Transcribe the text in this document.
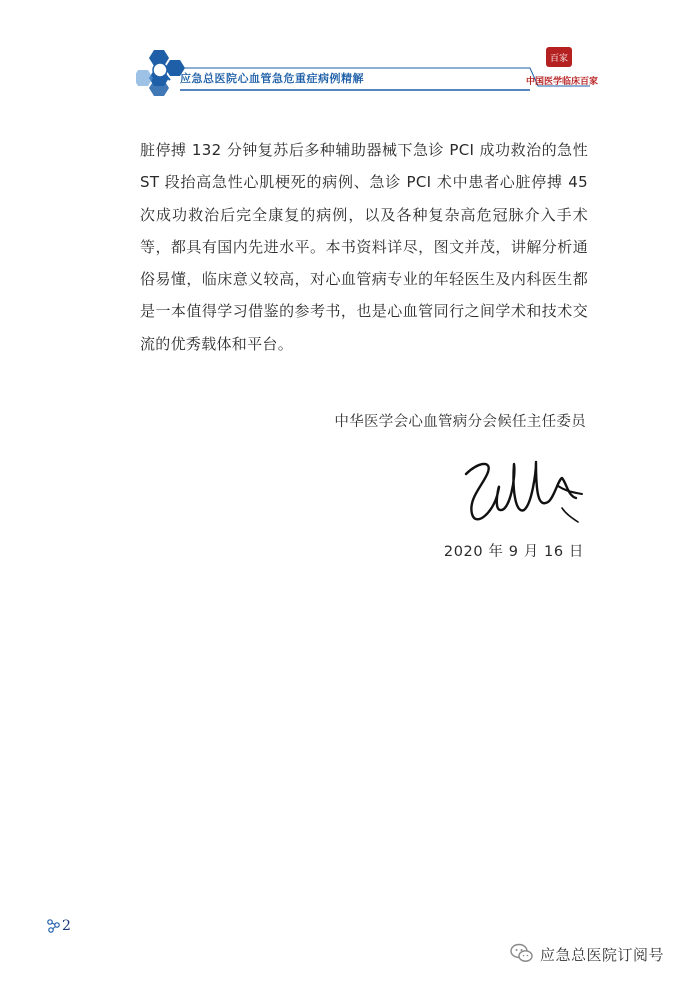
应急总医院心血管急危重症病例精解
百家
中国医学临床百家

脏停搏 132 分钟复苏后多种辅助器械下急诊 PCI 成功救治的急性 ST 段抬高急性心肌梗死的病例、急诊 PCI 术中患者心脏停搏 45 次成功救治后完全康复的病例，以及各种复杂高危冠脉介入手术等，都具有国内先进水平。本书资料详尽，图文并茂，讲解分析通俗易懂，临床意义较高，对心血管病专业的年轻医生及内科医生都是一本值得学习借鉴的参考书，也是心血管同行之间学术和技术交流的优秀载体和平台。

中华医学会心血管病分会候任主任委员
2020 年 9 月 16 日
2
应急总医院订阅号
